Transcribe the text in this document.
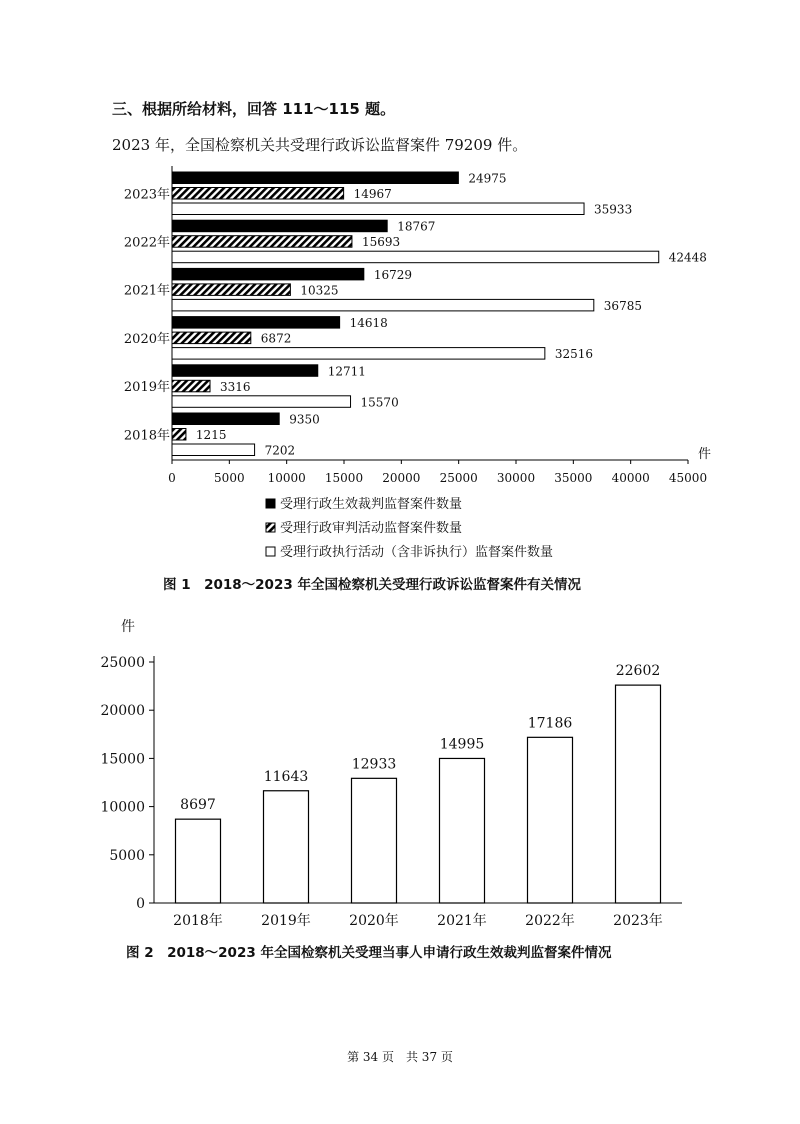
三、根据所给材料，回答 111～115 题。
2023 年，全国检察机关共受理行政诉讼监督案件 79209 件。
0	5000 10000 15000 20000 25000 30000 35000 40000 45000
件
2023年
24975
14967
35933
2022年
18767
15693
42448
2021年
16729
10325
36785
2020年
14618
6872
32516
2019年
12711
3316
15570
2018年
9350
1215
7202
受理行政生效裁判监督案件数量
受理行政审判活动监督案件数量
受理行政执行活动（含非诉执行）监督案件数量
件
0
5000
10000
15000
20000
25000
8697
2018年
11643
2019年
12933
2020年
14995
2021年
17186
2022年
22602
2023年
图 1　2018～2023 年全国检察机关受理行政诉讼监督案件有关情况
图 2　2018～2023 年全国检察机关受理当事人申请行政生效裁判监督案件情况
第 34 页　共 37 页
